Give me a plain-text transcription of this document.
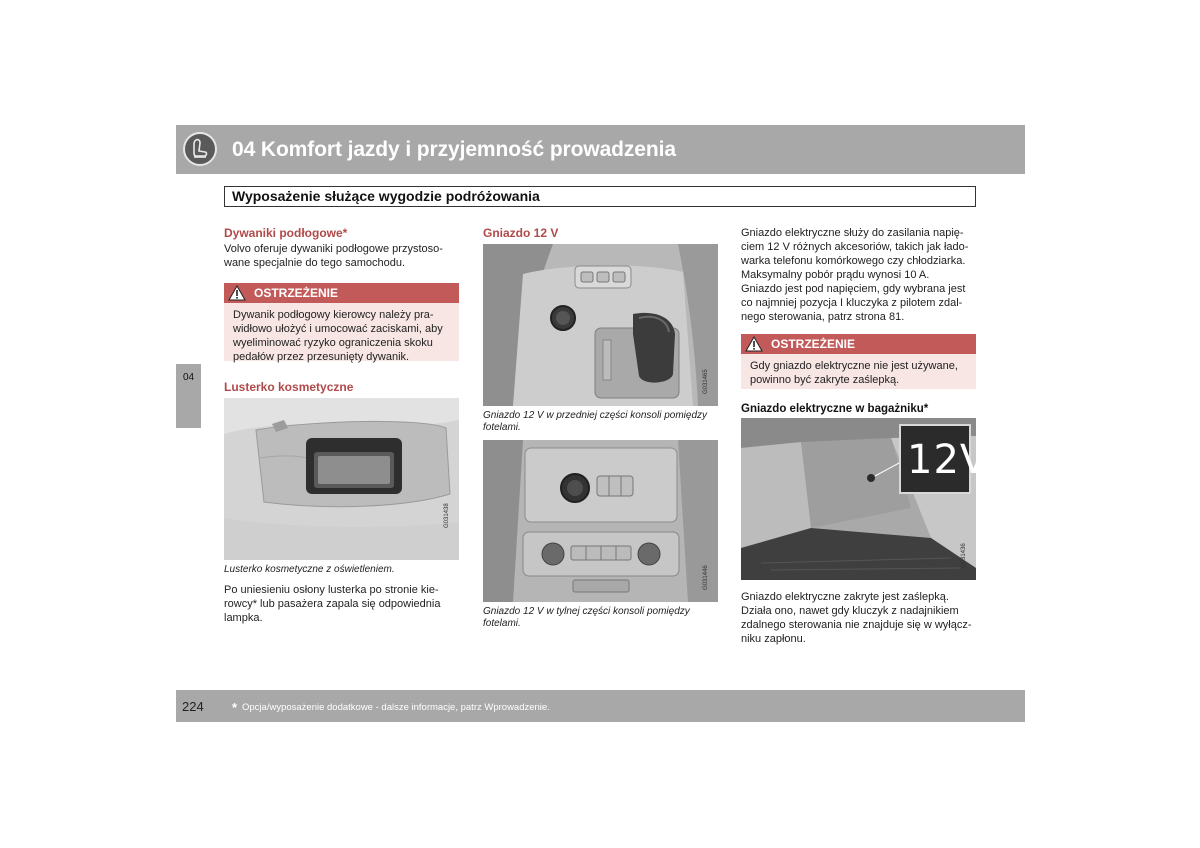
04 Komfort jazdy i przyjemność prowadzenia
Wyposażenie służące wygodzie podróżowania
04
Dywaniki podłogowe*
Volvo oferuje dywaniki podłogowe przystoso-
wane specjalnie do tego samochodu.
OSTRZEŻENIE
Dywanik podłogowy kierowcy należy pra-
widłowo ułożyć i umocować zaciskami, aby
wyeliminować ryzyko ograniczenia skoku
pedałów przez przesunięty dywanik.
Lusterko kosmetyczne
G031438
Lusterko kosmetyczne z oświetleniem.
Po uniesieniu osłony lusterka po stronie kie-
rowcy* lub pasażera zapala się odpowiednia
lampka.
Gniazdo 12 V
G031465
Gniazdo 12 V w przedniej części konsoli pomiędzy
fotelami.
G031446
Gniazdo 12 V w tylnej części konsoli pomiędzy
fotelami.
Gniazdo elektryczne służy do zasilania napię-
ciem 12 V różnych akcesoriów, takich jak łado-
warka telefonu komórkowego czy chłodziarka.
Maksymalny pobór prądu wynosi 10 A.
Gniazdo jest pod napięciem, gdy wybrana jest
co najmniej pozycja I kluczyka z pilotem zdal-
nego sterowania, patrz strona 81.
OSTRZEŻENIE
Gdy gniazdo elektryczne nie jest używane,
powinno być zakryte zaślepką.
Gniazdo elektryczne w bagażniku*
12V
G031436
Gniazdo elektryczne zakryte jest zaślepką.
Działa ono, nawet gdy kluczyk z nadajnikiem
zdalnego sterowania nie znajduje się w wyłącz-
niku zapłonu.
224 * Opcja/wyposażenie dodatkowe - dalsze informacje, patrz Wprowadzenie.
